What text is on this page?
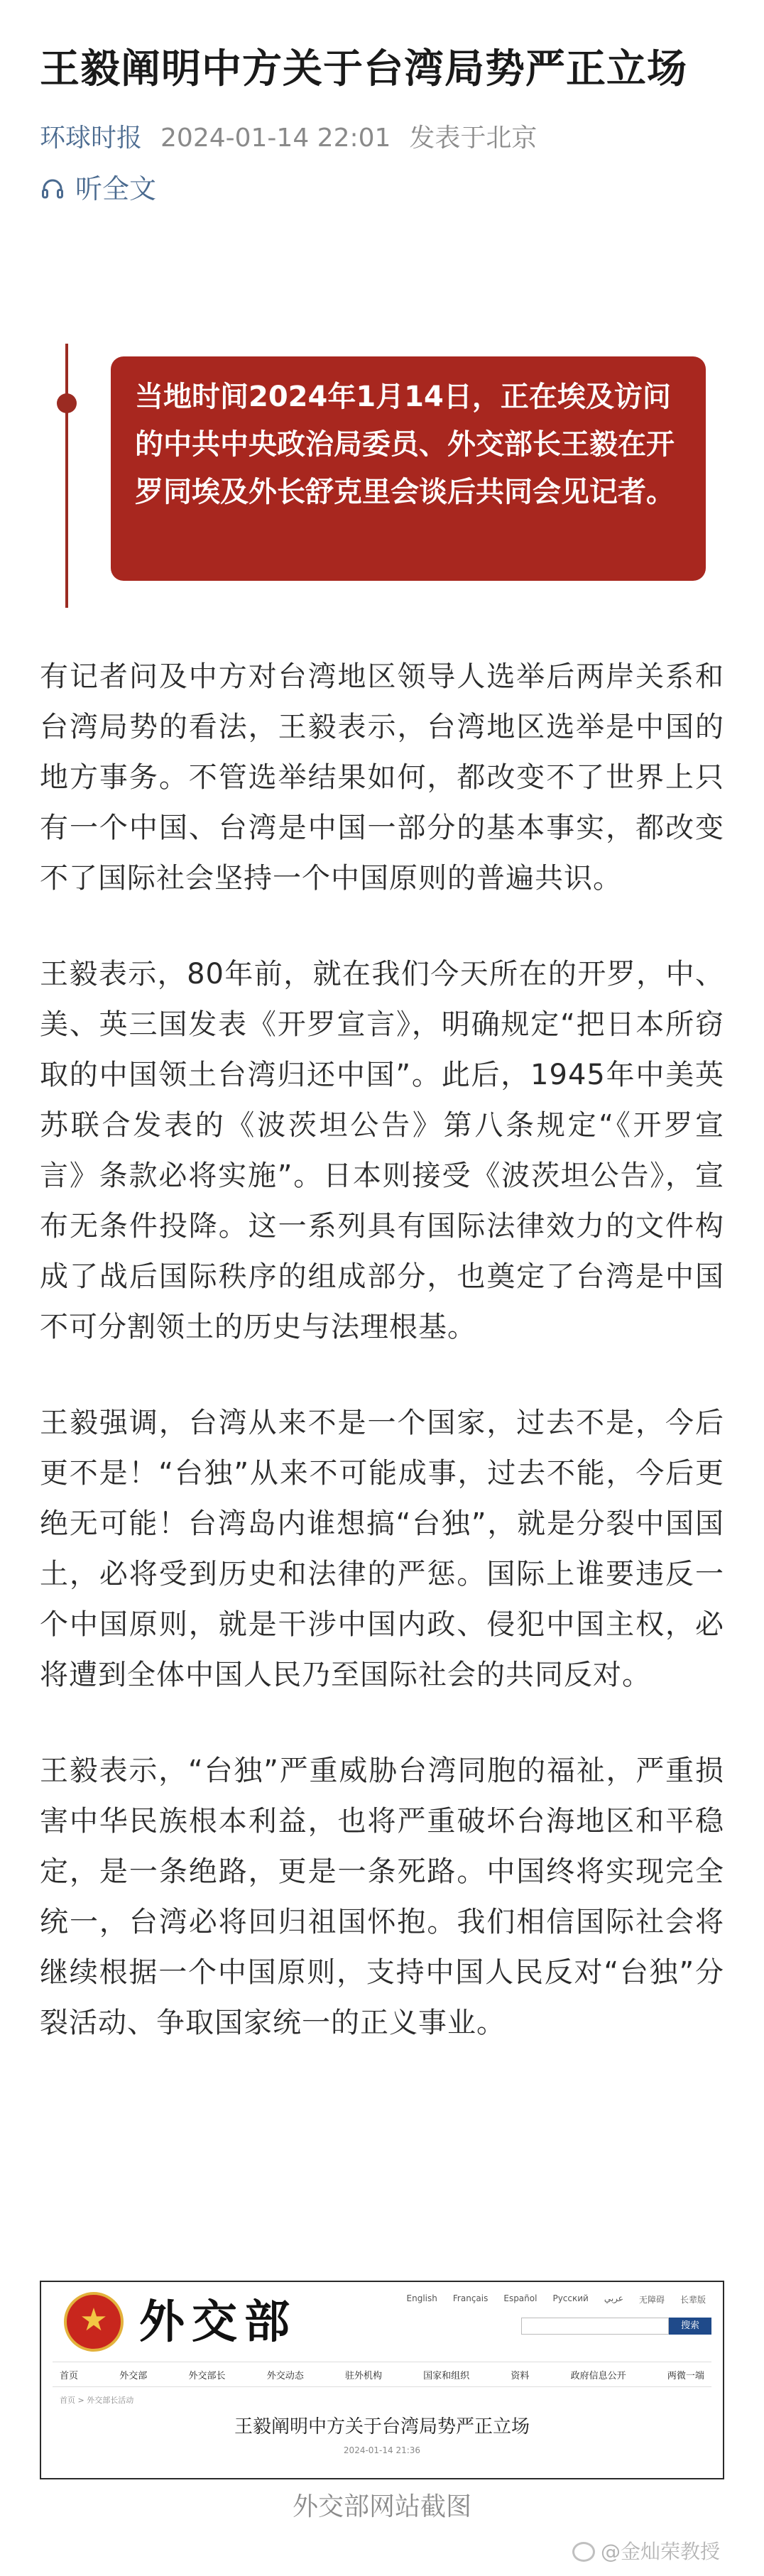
王毅阐明中方关于台湾局势严正立场
环球时报 2024-01-14 22:01 发表于北京
听全文
当地时间2024年1月14日，正在埃及访问的中共中央政治局委员、外交部长王毅在开罗同埃及外长舒克里会谈后共同会见记者。

有记者问及中方对台湾地区领导人选举后两岸关系和台湾局势的看法，王毅表示，台湾地区选举是中国的地方事务。不管选举结果如何，都改变不了世界上只有一个中国、台湾是中国一部分的基本事实，都改变不了国际社会坚持一个中国原则的普遍共识。

王毅表示，80年前，就在我们今天所在的开罗，中、美、英三国发表《开罗宣言》，明确规定“把日本所窃取的中国领土台湾归还中国”。此后，1945年中美英苏联合发表的《波茨坦公告》第八条规定“《开罗宣言》条款必将实施”。日本则接受《波茨坦公告》，宣布无条件投降。这一系列具有国际法律效力的文件构成了战后国际秩序的组成部分，也奠定了台湾是中国不可分割领土的历史与法理根基。

王毅强调，台湾从来不是一个国家，过去不是，今后更不是！“台独”从来不可能成事，过去不能，今后更绝无可能！台湾岛内谁想搞“台独”，就是分裂中国国土，必将受到历史和法律的严惩。国际上谁要违反一个中国原则，就是干涉中国内政、侵犯中国主权，必将遭到全体中国人民乃至国际社会的共同反对。

王毅表示，“台独”严重威胁台湾同胞的福祉，严重损害中华民族根本利益，也将严重破坏台海地区和平稳定，是一条绝路，更是一条死路。中国终将实现完全统一，台湾必将回归祖国怀抱。我们相信国际社会将继续根据一个中国原则，支持中国人民反对“台独”分裂活动、争取国家统一的正义事业。

★
外交部	English Français Español Русский عربي 无障碍 长辈版
搜索
首页	外交部	外交部长	外交动态	驻外机构	国家和组织	资料	政府信息公开	两微一端
首页 > 外交部长活动
王毅阐明中方关于台湾局势严正立场
2024-01-14 21:36
外交部网站截图
@金灿荣教授
